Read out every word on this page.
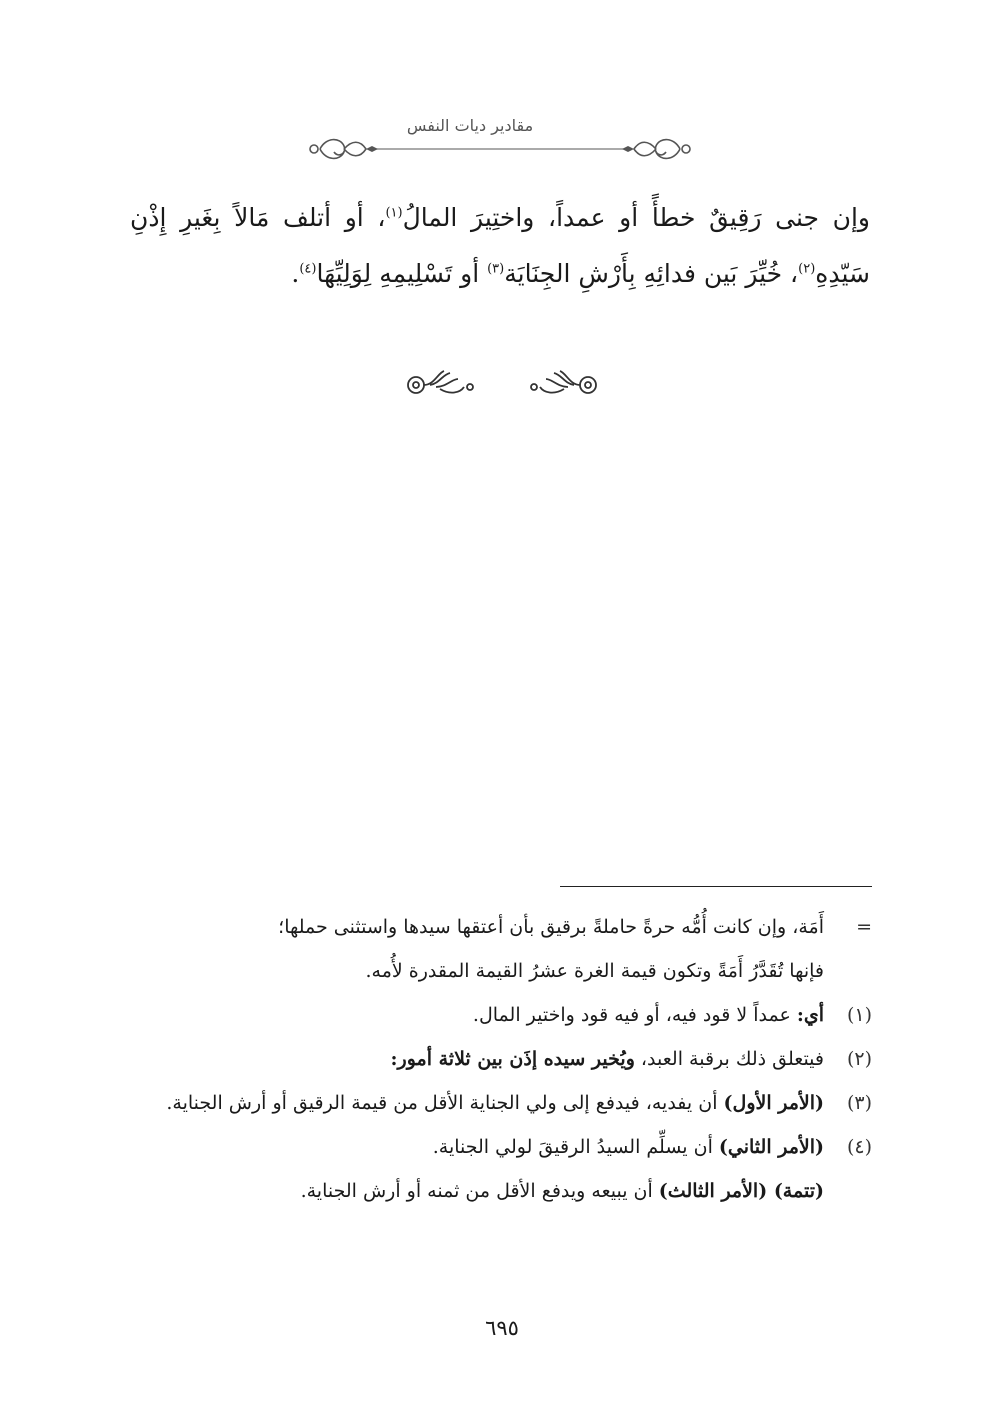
مقادير ديات النفس

وإن جنى رَقِيقٌ خطأً أو عمداً، واختِيرَ المالُ$^{(١)}$، أو أتلف مَالاً بِغَيرِ إِذْنِ سَيّدِهِ$^{(٢)}$، خُيِّرَ بَين فدائِهِ بِأَرْشِ الجِنَايَة$^{(٣)}$ أو تَسْلِيمِهِ لِوَلِيِّهَا$^{(٤)}$.

=
أَمَة، وإن كانت أُمُّه حرةً حاملةً برقيق بأن أعتقها سيدها واستثنى حملها؛
فإنها تُقَدَّرُ أَمَةً وتكون قيمة الغرة عشرُ القيمة المقدرة لأُمه.
(١)
أي: عمداً لا قود فيه، أو فيه قود واختير المال.
(٢)
فيتعلق ذلك برقبة العبد، ويُخير سيده إذَن بين ثلاثة أمور:
(٣)
(الأمر الأول) أن يفديه، فيدفع إلى ولي الجناية الأقل من قيمة الرقيق أو أرش الجناية.
(٤)
(الأمر الثاني) أن يسلِّم السيدُ الرقيقَ لولي الجناية.
(تتمة) (الأمر الثالث) أن يبيعه ويدفع الأقل من ثمنه أو أرش الجناية.
٦٩٥
